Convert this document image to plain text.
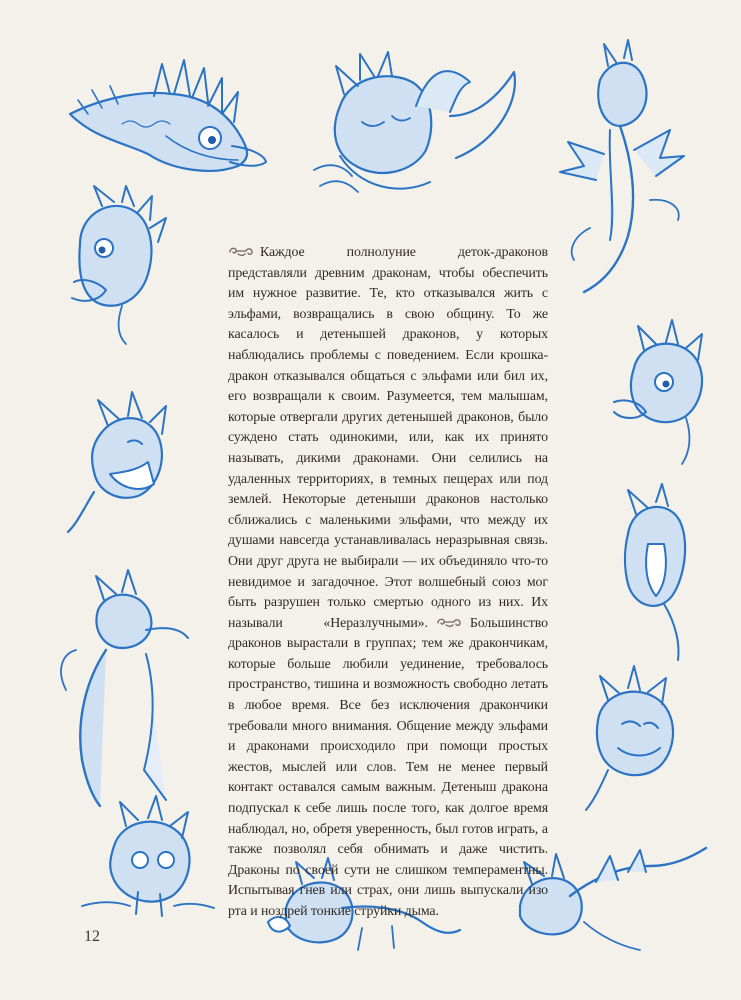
Каждое полнолуние деток-драконов представляли древним драконам, чтобы обеспечить им нужное развитие. Те, кто отказывался жить с эльфами, возвращались в свою общину. То же касалось и детенышей драконов, у которых наблюдались проблемы с поведением. Если крошка-дракон отказывался общаться с эльфами или бил их, его возвращали к своим. Разумеется, тем малышам, которые отвергали других детенышей драконов, было суждено стать одинокими, или, как их принято называть, дикими драконами. Они селились на удаленных территориях, в темных пещерах или под землей. Некоторые детеныши драконов настолько сближались с маленькими эльфами, что между их душами навсегда устанавливалась неразрывная связь. Они друг друга не выбирали — их объединяло что-то невидимое и загадочное. Этот волшебный союз мог быть разрушен только смертью одного из них. Их называли «Неразлучными».	Большинство драконов вырастали в группах; тем же дракончикам, которые больше любили уединение, требовалось пространство, тишина и возможность свободно летать в любое время. Все без исключения дракончики требовали много внимания. Общение между эльфами и драконами происходило при помощи простых жестов, мыслей или слов. Тем не менее первый контакт оставался самым важным. Детеныш дракона подпускал к себе лишь после того, как долгое время наблюдал, но, обретя уверенность, был готов играть, а также позволял себя обнимать и даже чистить. Драконы по своей сути не слишком темпераментны. Испытывая гнев или страх, они лишь выпускали изо рта и ноздрей тонкие струйки дыма.

12
